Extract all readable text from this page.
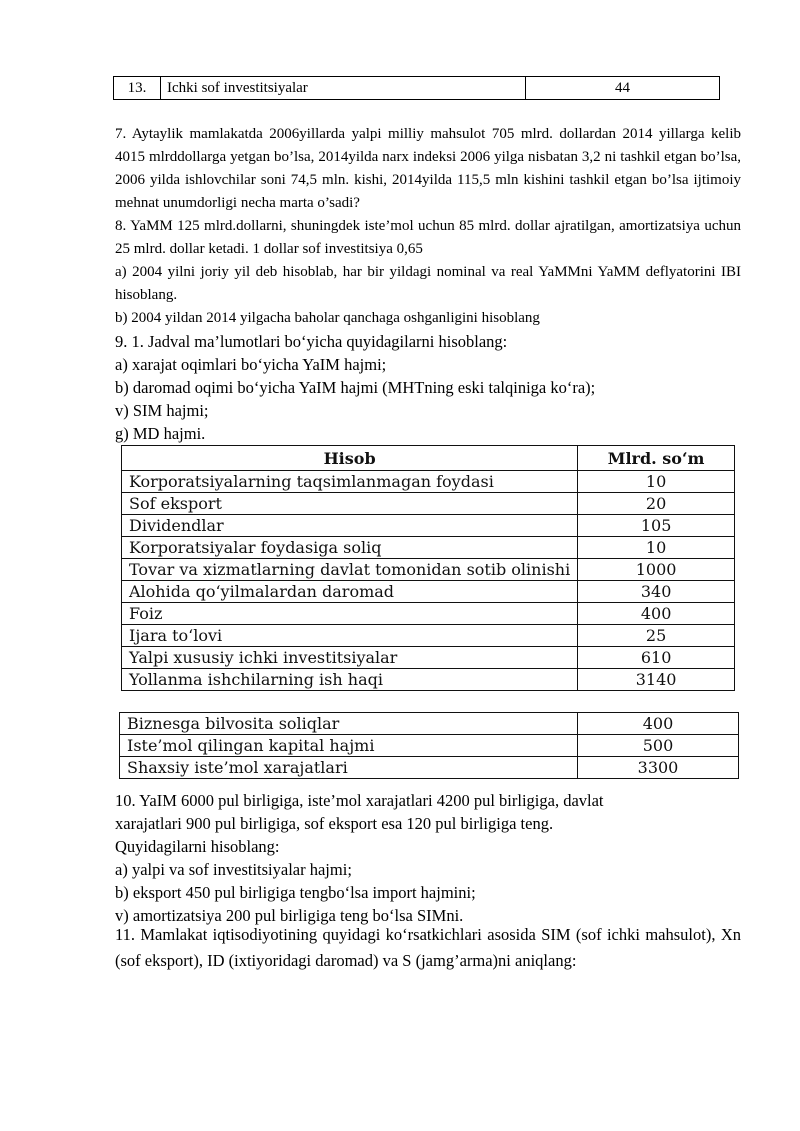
13.	Ichki sof investitsiyalar	44
7. Aytaylik mamlakatda 2006yillarda yalpi milliy mahsulot 705 mlrd. dollardan 2014 yillarga kelib 4015 mlrddollarga yetgan bo’lsa, 2014yilda narx indeksi 2006 yilga nisbatan 3,2 ni tashkil etgan bo’lsa, 2006 yilda ishlovchilar soni 74,5 mln. kishi, 2014yilda 115,5 mln kishini tashkil etgan bo’lsa ijtimoiy mehnat unumdorligi necha marta o’sadi?
8. YaMM 125 mlrd.dollarni, shuningdek iste’mol uchun 85 mlrd. dollar ajratilgan, amortizatsiya uchun 25 mlrd. dollar ketadi. 1 dollar sof investitsiya 0,65
a) 2004 yilni joriy yil deb hisoblab, har bir yildagi nominal va real YaMMni YaMM deflyatorini IBI hisoblang.
b) 2004 yildan 2014 yilgacha baholar qanchaga oshganligini hisoblang
9. 1. Jadval ma’lumotlari bo‘yicha quyidagilarni hisoblang:
a) xarajat oqimlari bo‘yicha YaIM hajmi;
b) daromad oqimi bo‘yicha YaIM hajmi (MHTning eski talqiniga ko‘ra);
v) SIM hajmi;
g) MD hajmi.
Hisob	Mlrd. so‘m
Korporatsiyalarning taqsimlanmagan foydasi	10
Sof eksport	20
Dividendlar	105
Korporatsiyalar foydasiga soliq	10
Tovar va xizmatlarning davlat tomonidan sotib olinishi	1000
Alohida qo‘yilmalardan daromad	340
Foiz	400
Ijara to‘lovi	25
Yalpi xususiy ichki investitsiyalar	610
Yollanma ishchilarning ish haqi	3140
Biznesga bilvosita soliqlar	400
Iste’mol qilingan kapital hajmi	500
Shaxsiy iste’mol xarajatlari	3300
10. YaIM 6000 pul birligiga, iste’mol xarajatlari 4200 pul birligiga, davlat
xarajatlari 900 pul birligiga, sof eksport esa 120 pul birligiga teng.
Quyidagilarni hisoblang:
a) yalpi va sof investitsiyalar hajmi;
b) eksport 450 pul birligiga tengbo‘lsa import hajmini;
v) amortizatsiya 200 pul birligiga teng bo‘lsa SIMni.
11. Mamlakat iqtisodiyotining quyidagi ko‘rsatkichlari asosida SIM (sof ichki mahsulot), Xn (sof eksport), ID (ixtiyoridagi daromad) va S (jamg’arma)ni aniqlang:
